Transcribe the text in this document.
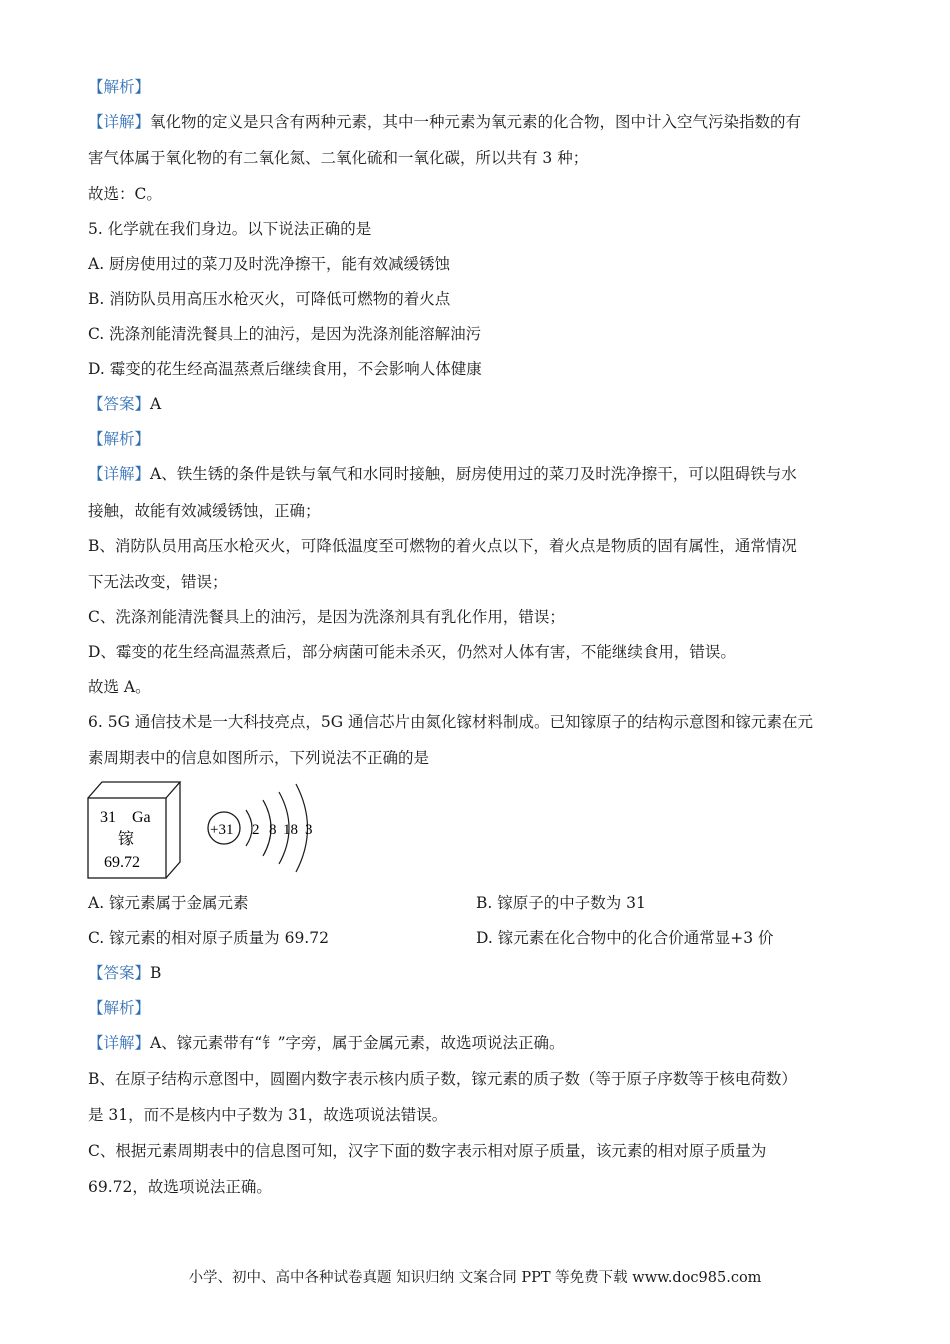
【解析】
【详解】氧化物的定义是只含有两种元素，其中一种元素为氧元素的化合物，图中计入空气污染指数的有
害气体属于氧化物的有二氧化氮、二氧化硫和一氧化碳，所以共有 3 种；
故选：C。
5. 化学就在我们身边。以下说法正确的是
A. 厨房使用过的菜刀及时洗净擦干，能有效减缓锈蚀
B. 消防队员用高压水枪灭火，可降低可燃物的着火点
C. 洗涤剂能清洗餐具上的油污，是因为洗涤剂能溶解油污
D. 霉变的花生经高温蒸煮后继续食用，不会影响人体健康
【答案】A
【解析】
【详解】A、铁生锈的条件是铁与氧气和水同时接触，厨房使用过的菜刀及时洗净擦干，可以阻碍铁与水
接触，故能有效减缓锈蚀，正确；
B、消防队员用高压水枪灭火，可降低温度至可燃物的着火点以下，着火点是物质的固有属性，通常情况
下无法改变，错误；
C、洗涤剂能清洗餐具上的油污，是因为洗涤剂具有乳化作用，错误；
D、霉变的花生经高温蒸煮后，部分病菌可能未杀灭，仍然对人体有害，不能继续食用，错误。
故选 A。
6. 5G 通信技术是一大科技亮点，5G 通信芯片由氮化镓材料制成。已知镓原子的结构示意图和镓元素在元
素周期表中的信息如图所示，下列说法不正确的是
31 Ga
镓
69.72
+31 2 8 18 3
A. 镓元素属于金属元素	B. 镓原子的中子数为 31
C. 镓元素的相对原子质量为 69.72	D. 镓元素在化合物中的化合价通常显+3 价
【答案】B
【解析】
【详解】A、镓元素带有“钅”字旁，属于金属元素，故选项说法正确。
B、在原子结构示意图中，圆圈内数字表示核内质子数，镓元素的质子数（等于原子序数等于核电荷数）
是 31，而不是核内中子数为 31，故选项说法错误。
C、根据元素周期表中的信息图可知，汉字下面的数字表示相对原子质量，该元素的相对原子质量为
69.72，故选项说法正确。
小学、初中、高中各种试卷真题 知识归纳 文案合同 PPT 等免费下载 www.doc985.com
